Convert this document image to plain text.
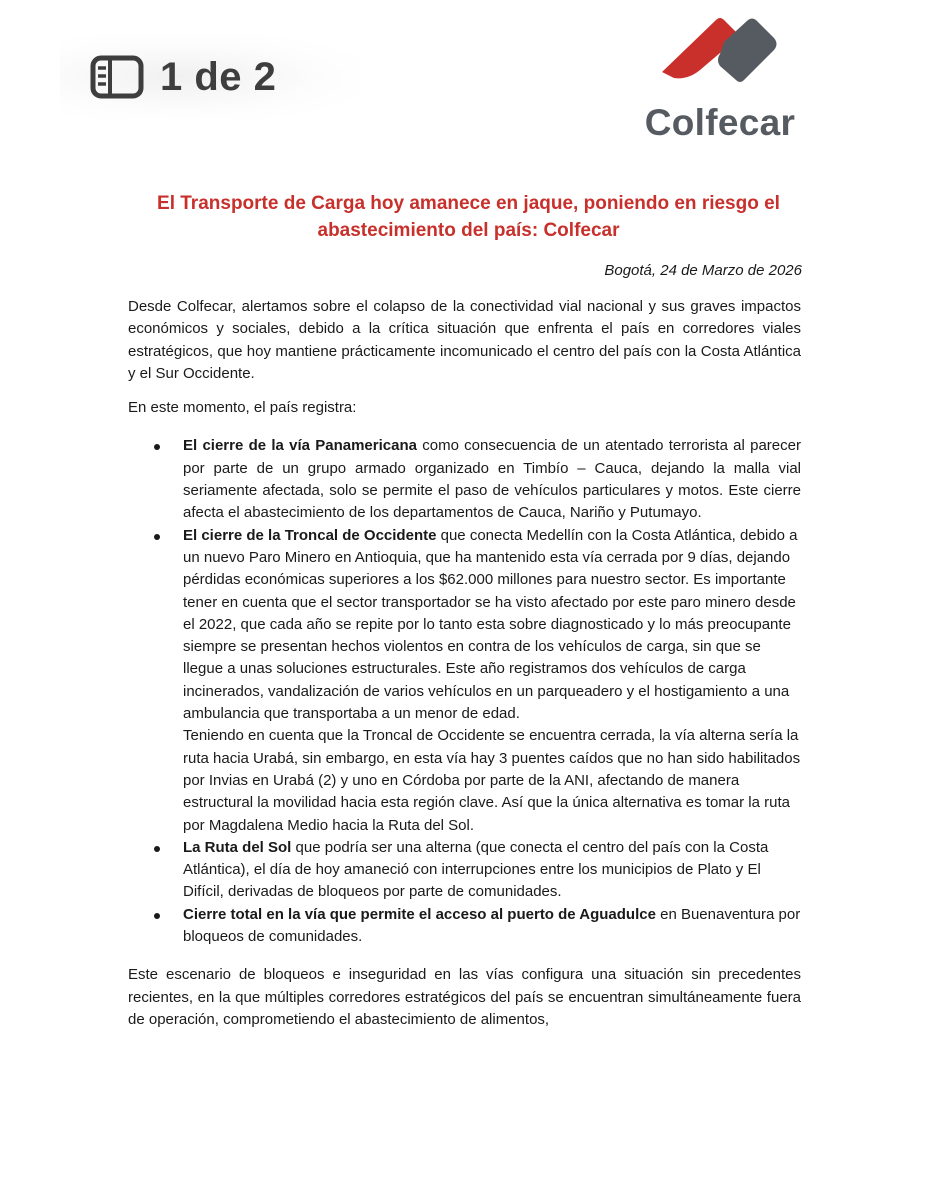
1 de 2
Colfecar
El Transporte de Carga hoy amanece en jaque, poniendo en riesgo el
abastecimiento del país: Colfecar
Bogotá, 24 de Marzo de 2026

Desde Colfecar, alertamos sobre el colapso de la conectividad vial nacional y sus graves impactos económicos y sociales, debido a la crítica situación que enfrenta el país en corredores viales estratégicos, que hoy mantiene prácticamente incomunicado el centro del país con la Costa Atlántica y el Sur Occidente.

En este momento, el país registra:

El cierre de la vía Panamericana como consecuencia de un atentado terrorista al parecer por parte de un grupo armado organizado en Timbío – Cauca, dejando la malla vial seriamente afectada, solo se permite el paso de vehículos particulares y motos. Este cierre afecta el abastecimiento de los departamentos de Cauca, Nariño y Putumayo.

El cierre de la Troncal de Occidente que conecta Medellín con la Costa Atlántica, debido a un nuevo Paro Minero en Antioquia, que ha mantenido esta vía cerrada por 9 días, dejando pérdidas económicas superiores a los $62.000 millones para nuestro sector. Es importante tener en cuenta que el sector transportador se ha visto afectado por este paro minero desde el 2022, que cada año se repite por lo tanto esta sobre diagnosticado y lo más preocupante siempre se presentan hechos violentos en contra de los vehículos de carga, sin que se llegue a unas soluciones estructurales. Este año registramos dos vehículos de carga incinerados, vandalización de varios vehículos en un parqueadero y el hostigamiento a una ambulancia que transportaba a un menor de edad.

Teniendo en cuenta que la Troncal de Occidente se encuentra cerrada, la vía alterna sería la ruta hacia Urabá, sin embargo, en esta vía hay 3 puentes caídos que no han sido habilitados por Invias en Urabá (2) y uno en Córdoba por parte de la ANI, afectando de manera estructural la movilidad hacia esta región clave. Así que la única alternativa es tomar la ruta por Magdalena Medio hacia la Ruta del Sol.

La Ruta del Sol que podría ser una alterna (que conecta el centro del país con la Costa Atlántica), el día de hoy amaneció con interrupciones entre los municipios de Plato y El Difícil, derivadas de bloqueos por parte de comunidades.

Cierre total en la vía que permite el acceso al puerto de Aguadulce en Buenaventura por bloqueos de comunidades.

Este escenario de bloqueos e inseguridad en las vías configura una situación sin precedentes recientes, en la que múltiples corredores estratégicos del país se encuentran simultáneamente fuera de operación, comprometiendo el abastecimiento de alimentos,
